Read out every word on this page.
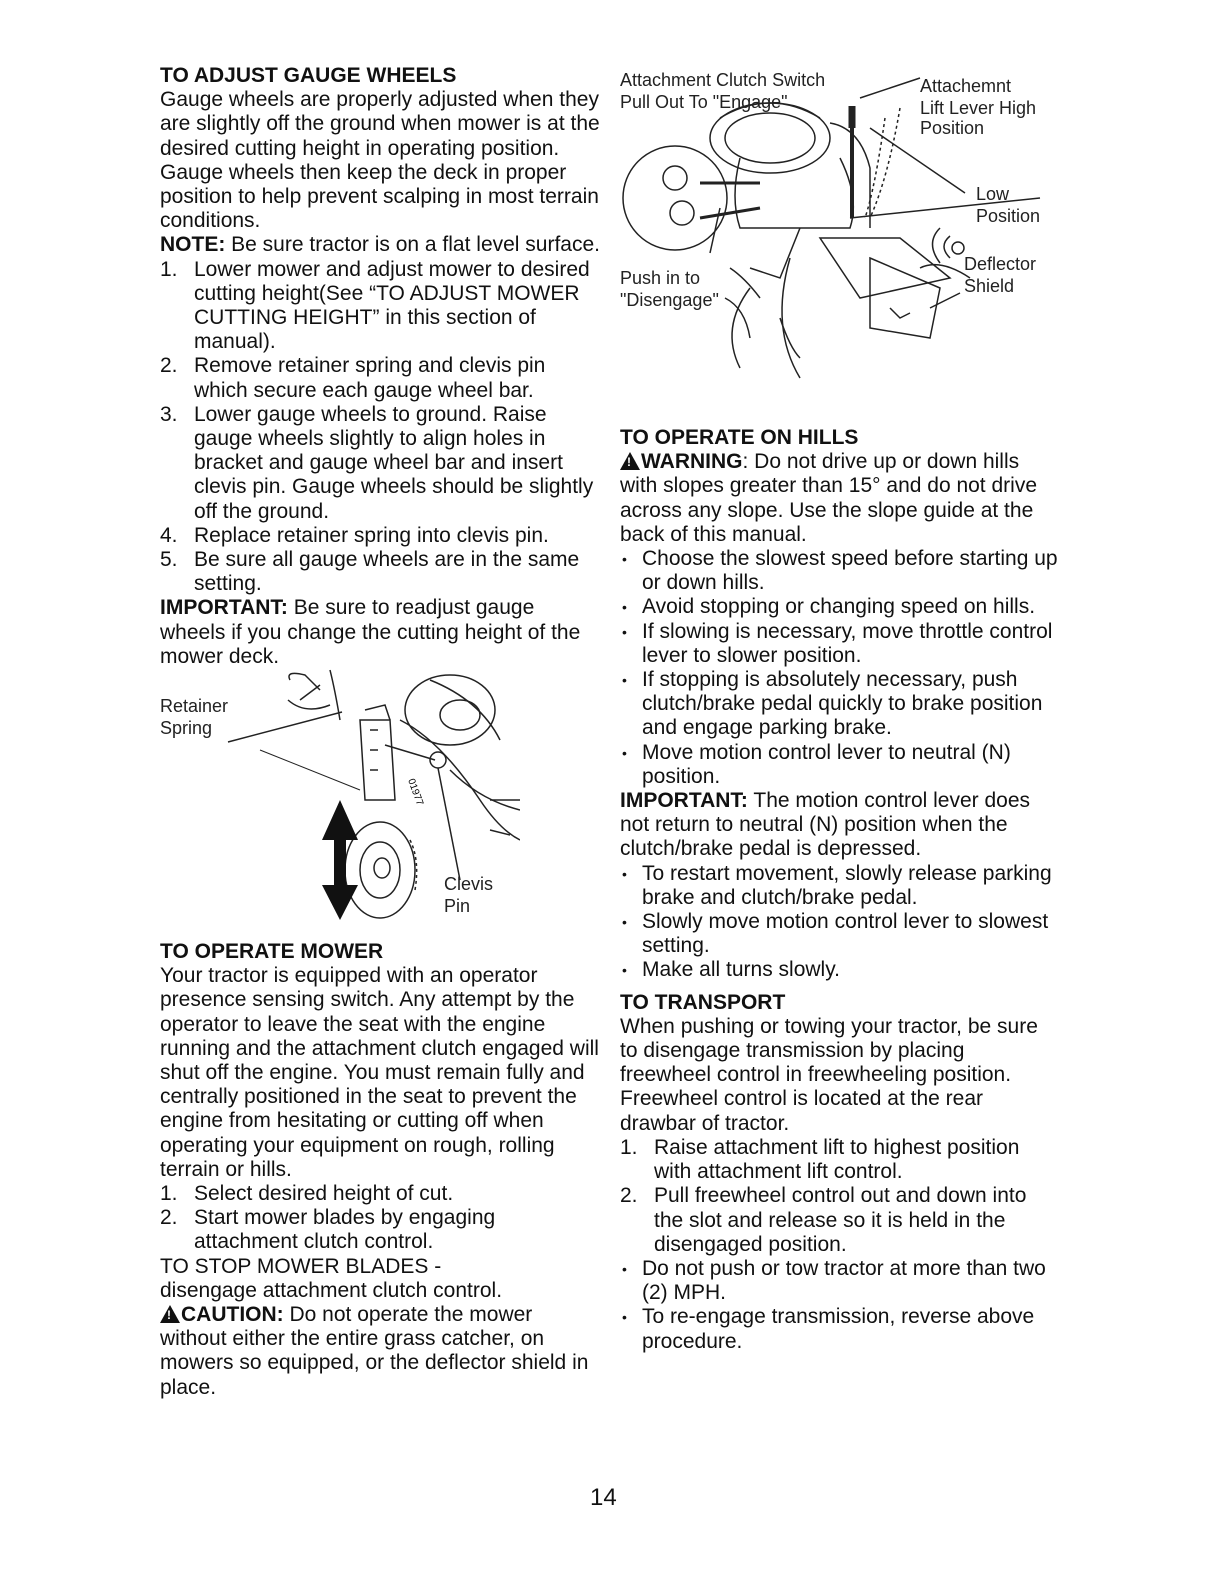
TO ADJUST GAUGE WHEELS

Gauge wheels are properly adjusted when they are slightly off the ground when mower is at the desired cutting height in operating position. Gauge wheels then keep the deck in proper position to help prevent scalping in most terrain conditions.

NOTE: Be sure tractor is on a flat level surface.

1. Lower mower and adjust mower to desired cutting height(See “TO ADJUST MOWER CUTTING HEIGHT” in this section of manual).
2. Remove retainer spring and clevis pin which secure each gauge wheel bar.
3. Lower gauge wheels to ground. Raise gauge wheels slightly to align holes in bracket and gauge wheel bar and insert clevis pin. Gauge wheels should be slightly off the ground.
4. Replace retainer spring into clevis pin.
5. Be sure all gauge wheels are in the same setting.

IMPORTANT: Be sure to readjust gauge wheels if you change the cutting height of the mower deck.

01977
Retainer
Spring
Clevis
Pin
TO OPERATE MOWER

Your tractor is equipped with an operator presence sensing switch. Any attempt by the operator to leave the seat with the engine running and the attachment clutch engaged will shut off the engine. You must remain fully and centrally positioned in the seat to prevent the engine from hesitating or cutting off when operating your equipment on rough, rolling terrain or hills.

1. Select desired height of cut.
2. Start mower blades by engaging attachment clutch control.

TO STOP MOWER BLADES -

disengage attachment clutch control.

!CAUTION: Do not operate the mower without either the entire grass catcher, on mowers so equipped, or the deflector shield in place.

Attachment Clutch Switch
Pull Out To "Engage"
Attachemnt
Lift Lever High
Position
Low
Position
Push in to
"Disengage"
Deflector
Shield
TO OPERATE ON HILLS

!WARNING: Do not drive up or down hills with slopes greater than 15° and do not drive across any slope. Use the slope guide at the back of this manual.

• Choose the slowest speed before starting up or down hills.
• Avoid stopping or changing speed on hills.
• If slowing is necessary, move throttle control lever to slower position.
• If stopping is absolutely necessary, push clutch/brake pedal quickly to brake position and engage parking brake.
• Move motion control lever to neutral (N) position.

IMPORTANT: The motion control lever does not return to neutral (N) position when the clutch/brake pedal is depressed.

• To restart movement, slowly release parking brake and clutch/brake pedal.
• Slowly move motion control lever to slowest setting.
• Make all turns slowly.
TO TRANSPORT

When pushing or towing your tractor, be sure to disengage transmission by placing freewheel control in freewheeling position. Freewheel control is located at the rear drawbar of tractor.

1. Raise attachment lift to highest position with attachment lift control.
2. Pull freewheel control out and down into the slot and release so it is held in the disengaged position.
• Do not push or tow tractor at more than two (2) MPH.
• To re-engage transmission, reverse above procedure.
14
